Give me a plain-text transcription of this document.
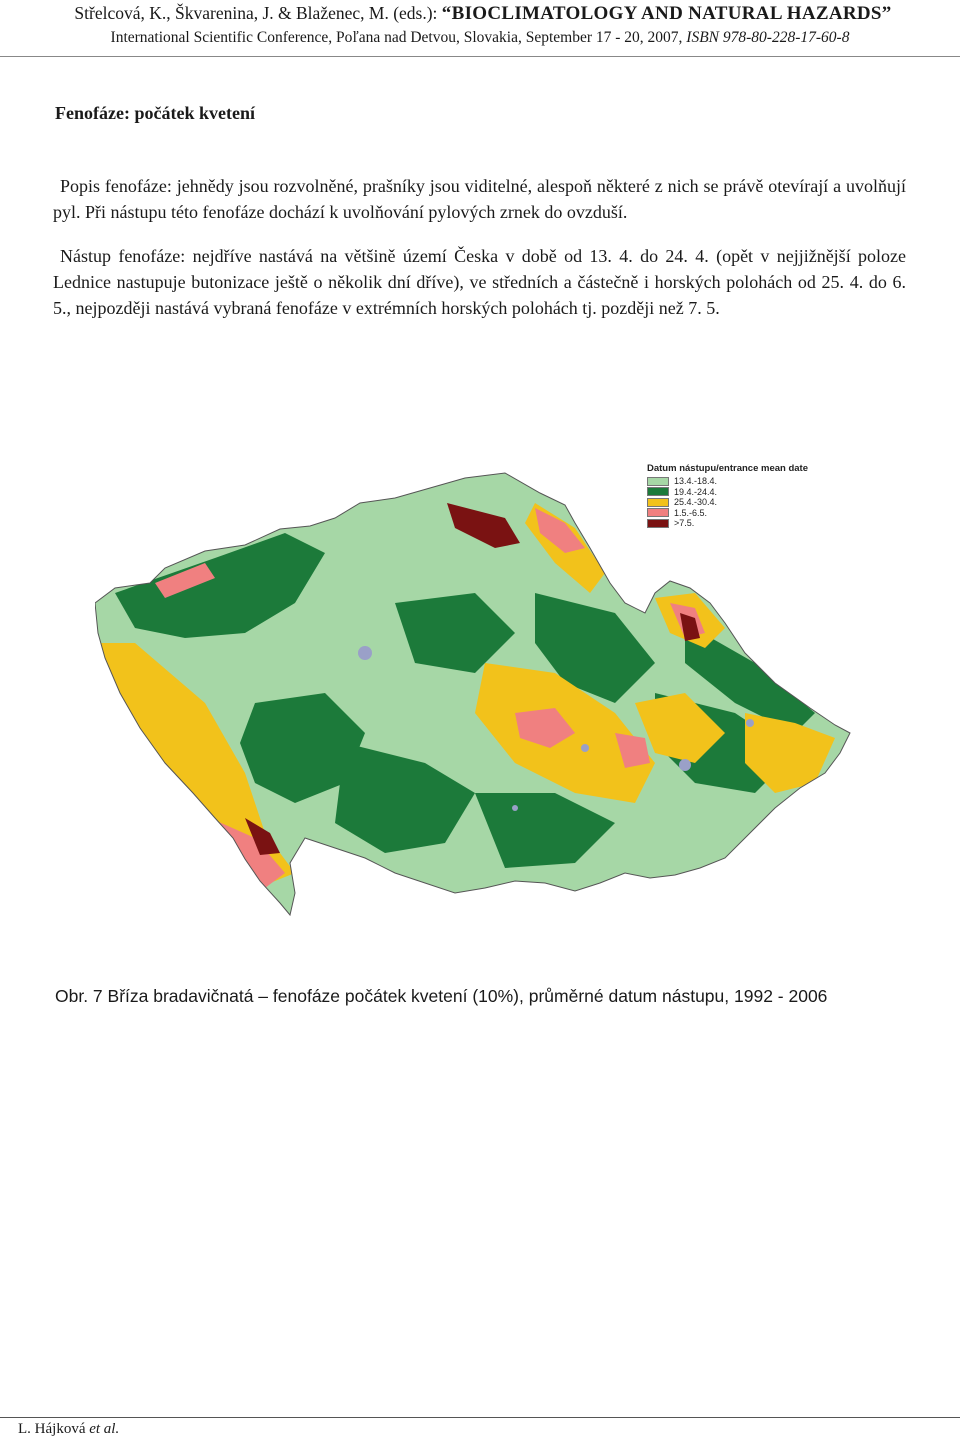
Střelcová, K., Škvarenina, J. & Blaženec, M. (eds.): “BIOCLIMATOLOGY AND NATURAL HAZARDS”
International Scientific Conference, Poľana nad Detvou, Slovakia, September 17 - 20, 2007, ISBN 978-80-228-17-60-8
Fenofáze: počátek kvetení
Popis fenofáze: jehnědy jsou rozvolněné, prašníky jsou viditelné, alespoň některé z nich se právě otevírají a uvolňují pyl. Při nástupu této fenofáze dochází k uvolňování pylových zrnek do ovzduší.
Nástup fenofáze: nejdříve nastává na většině území Česka v době od 13. 4. do 24. 4. (opět v nejjižnější poloze Lednice nastupuje butonizace ještě o několik dní dříve), ve středních a částečně i horských polohách od 25. 4. do 6. 5., nejpozději nastává vybraná fenofáze v extrémních horských polohách tj. později než 7. 5.
Datum nástupu/entrance mean date
13.4.-18.4.
19.4.-24.4.
25.4.-30.4.
1.5.-6.5.
>7.5.
Obr. 7 Bříza bradavičnatá – fenofáze počátek kvetení (10%), průměrné datum nástupu, 1992 - 2006
L. Hájková et al.
